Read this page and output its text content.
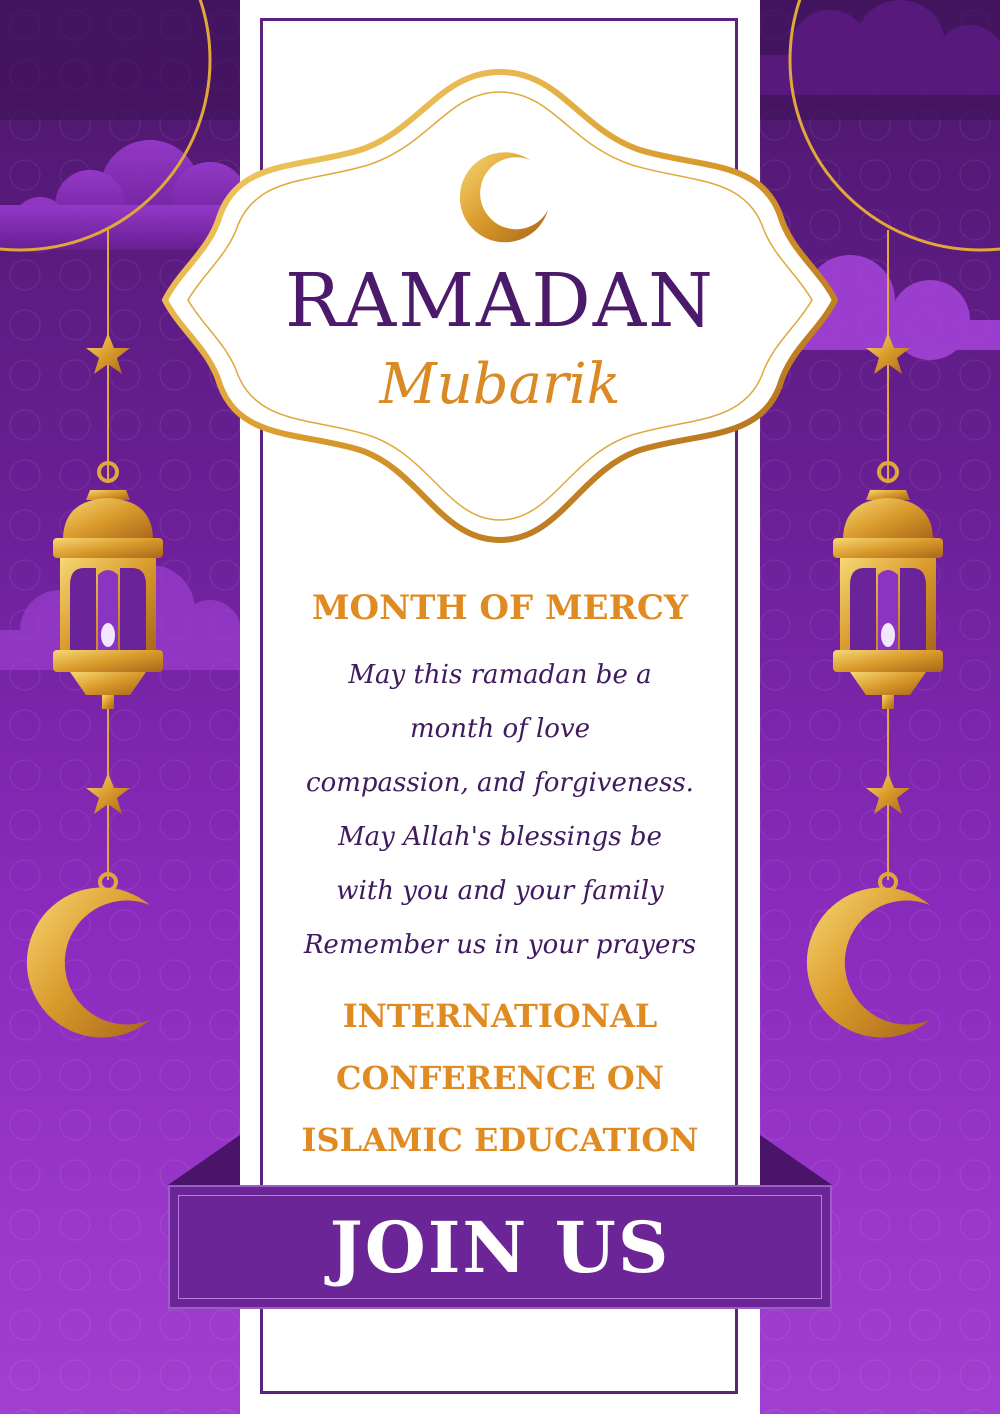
RAMADAN
Mubarik
MONTH OF MERCY
May this ramadan be a
month of love
compassion, and forgiveness.
May Allah's blessings be
with you and your family
Remember us in your prayers
INTERNATIONAL
CONFERENCE ON
ISLAMIC EDUCATION
JOIN US
